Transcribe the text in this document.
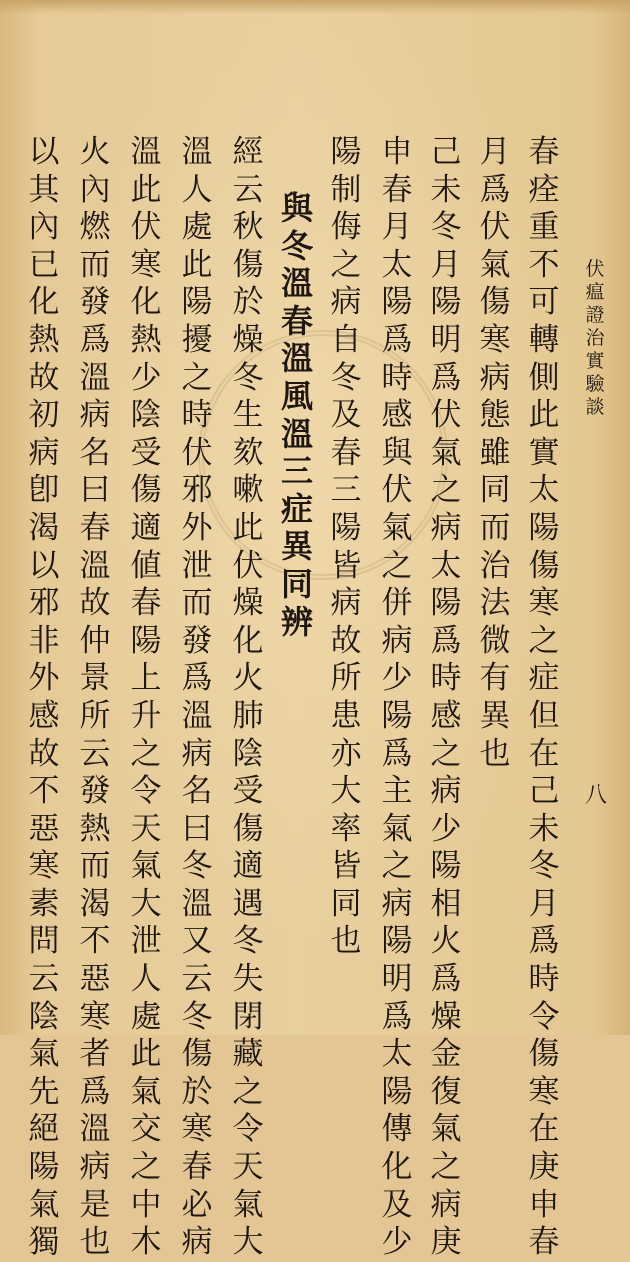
伏
瘟
證
治
實
驗
談
八
春
痊
重
不
可
轉
側
此
實
太
陽
傷
寒
之
症
但
在
己
未
冬
月
爲
時
令
傷
寒
在
庚
申
春
月
爲
伏
氣
傷
寒
病
態
雖
同
而
治
法
微
有
異
也
己
未
冬
月
陽
明
爲
伏
氣
之
病
太
陽
爲
時
感
之
病
少
陽
相
火
爲
燥
金
復
氣
之
病
庚
申
春
月
太
陽
爲
時
感
與
伏
氣
之
併
病
少
陽
爲
主
氣
之
病
陽
明
爲
太
陽
傳
化
及
少
陽
制
侮
之
病
自
冬
及
春
三
陽
皆
病
故
所
患
亦
大
率
皆
同
也
與
冬
溫
春
溫
風
溫
三
症
異
同
辨
經
云
秋
傷
於
燥
冬
生
欬
嗽
此
伏
燥
化
火
肺
陰
受
傷
適
遇
冬
失
閉
藏
之
令
天
氣
大
溫
人
處
此
陽
擾
之
時
伏
邪
外
泄
而
發
爲
溫
病
名
曰
冬
溫
又
云
冬
傷
於
寒
春
必
病
溫
此
伏
寒
化
熱
少
陰
受
傷
適
値
春
陽
上
升
之
令
天
氣
大
泄
人
處
此
氣
交
之
中
木
火
內
燃
而
發
爲
溫
病
名
曰
春
溫
故
仲
景
所
云
發
熱
而
渴
不
惡
寒
者
爲
溫
病
是
也
以
其
內
已
化
熱
故
初
病
卽
渴
以
邪
非
外
感
故
不
惡
寒
素
問
云
陰
氣
先
絕
陽
氣
獨
